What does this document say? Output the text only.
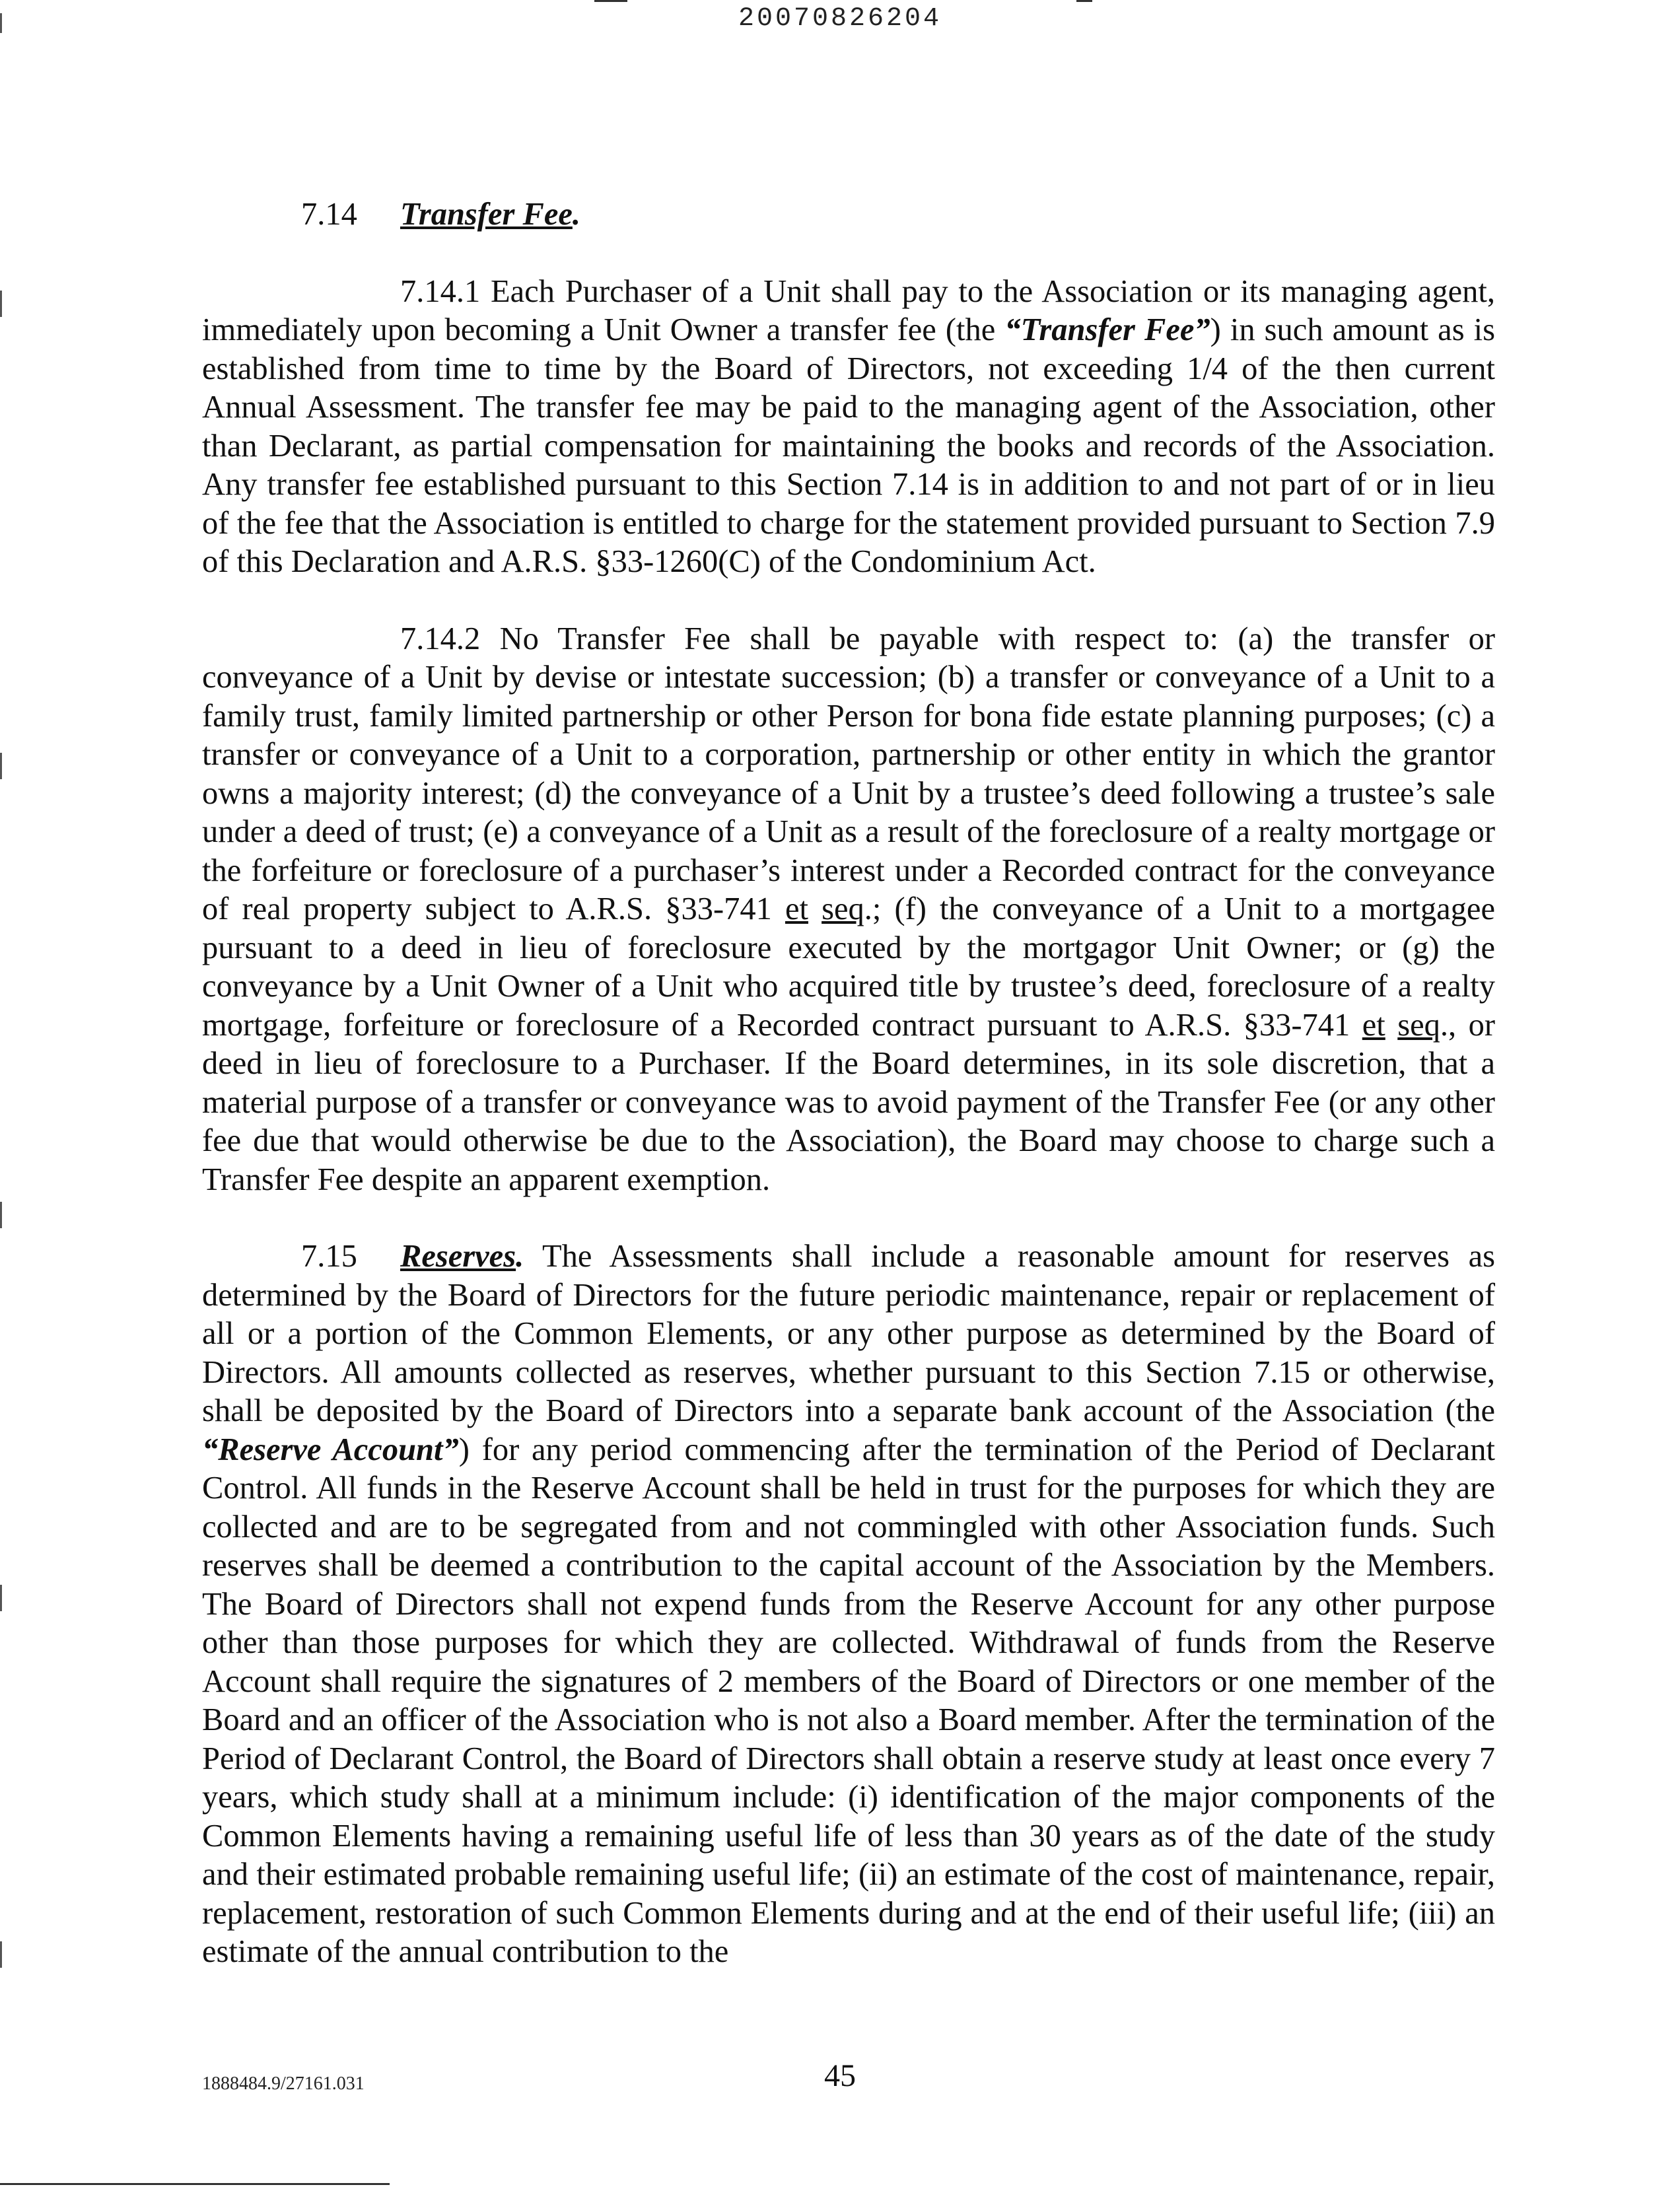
20070826204

7.14 Transfer Fee.

7.14.1 Each Purchaser of a Unit shall pay to the Association or its managing agent, immediately upon becoming a Unit Owner a transfer fee (the “Transfer Fee”) in such amount as is established from time to time by the Board of Directors, not exceeding 1/4 of the then current Annual Assessment. The transfer fee may be paid to the managing agent of the Association, other than Declarant, as partial compensation for maintaining the books and records of the Association. Any transfer fee established pursuant to this Section 7.14 is in addition to and not part of or in lieu of the fee that the Association is entitled to charge for the statement provided pursuant to Section 7.9 of this Declaration and A.R.S. §33-1260(C) of the Condominium Act.

7.14.2 No Transfer Fee shall be payable with respect to: (a) the transfer or conveyance of a Unit by devise or intestate succession; (b) a transfer or conveyance of a Unit to a family trust, family limited partnership or other Person for bona fide estate planning purposes; (c) a transfer or conveyance of a Unit to a corporation, partnership or other entity in which the grantor owns a majority interest; (d) the conveyance of a Unit by a trustee’s deed following a trustee’s sale under a deed of trust; (e) a conveyance of a Unit as a result of the foreclosure of a realty mortgage or the forfeiture or foreclosure of a purchaser’s interest under a Recorded contract for the conveyance of real property subject to A.R.S. §33-741 et seq.; (f) the conveyance of a Unit to a mortgagee pursuant to a deed in lieu of foreclosure executed by the mortgagor Unit Owner; or (g) the conveyance by a Unit Owner of a Unit who acquired title by trustee’s deed, foreclosure of a realty mortgage, forfeiture or foreclosure of a Recorded contract pursuant to A.R.S. §33-741 et seq., or deed in lieu of foreclosure to a Purchaser. If the Board determines, in its sole discretion, that a material purpose of a transfer or conveyance was to avoid payment of the Transfer Fee (or any other fee due that would otherwise be due to the Association), the Board may choose to charge such a Transfer Fee despite an apparent exemption.

7.15 Reserves. The Assessments shall include a reasonable amount for reserves as determined by the Board of Directors for the future periodic maintenance, repair or replacement of all or a portion of the Common Elements, or any other purpose as determined by the Board of Directors. All amounts collected as reserves, whether pursuant to this Section 7.15 or otherwise, shall be deposited by the Board of Directors into a separate bank account of the Association (the “Reserve Account”) for any period commencing after the termination of the Period of Declarant Control. All funds in the Reserve Account shall be held in trust for the purposes for which they are collected and are to be segregated from and not commingled with other Association funds. Such reserves shall be deemed a contribution to the capital account of the Association by the Members. The Board of Directors shall not expend funds from the Reserve Account for any other purpose other than those purposes for which they are collected. Withdrawal of funds from the Reserve Account shall require the signatures of 2 members of the Board of Directors or one member of the Board and an officer of the Association who is not also a Board member. After the termination of the Period of Declarant Control, the Board of Directors shall obtain a reserve study at least once every 7 years, which study shall at a minimum include: (i) identification of the major components of the Common Elements having a remaining useful life of less than 30 years as of the date of the study and their estimated probable remaining useful life; (ii) an estimate of the cost of maintenance, repair, replacement, restoration of such Common Elements during and at the end of their useful life; (iii) an estimate of the annual contribution to the

1888484.9/27161.031	45
